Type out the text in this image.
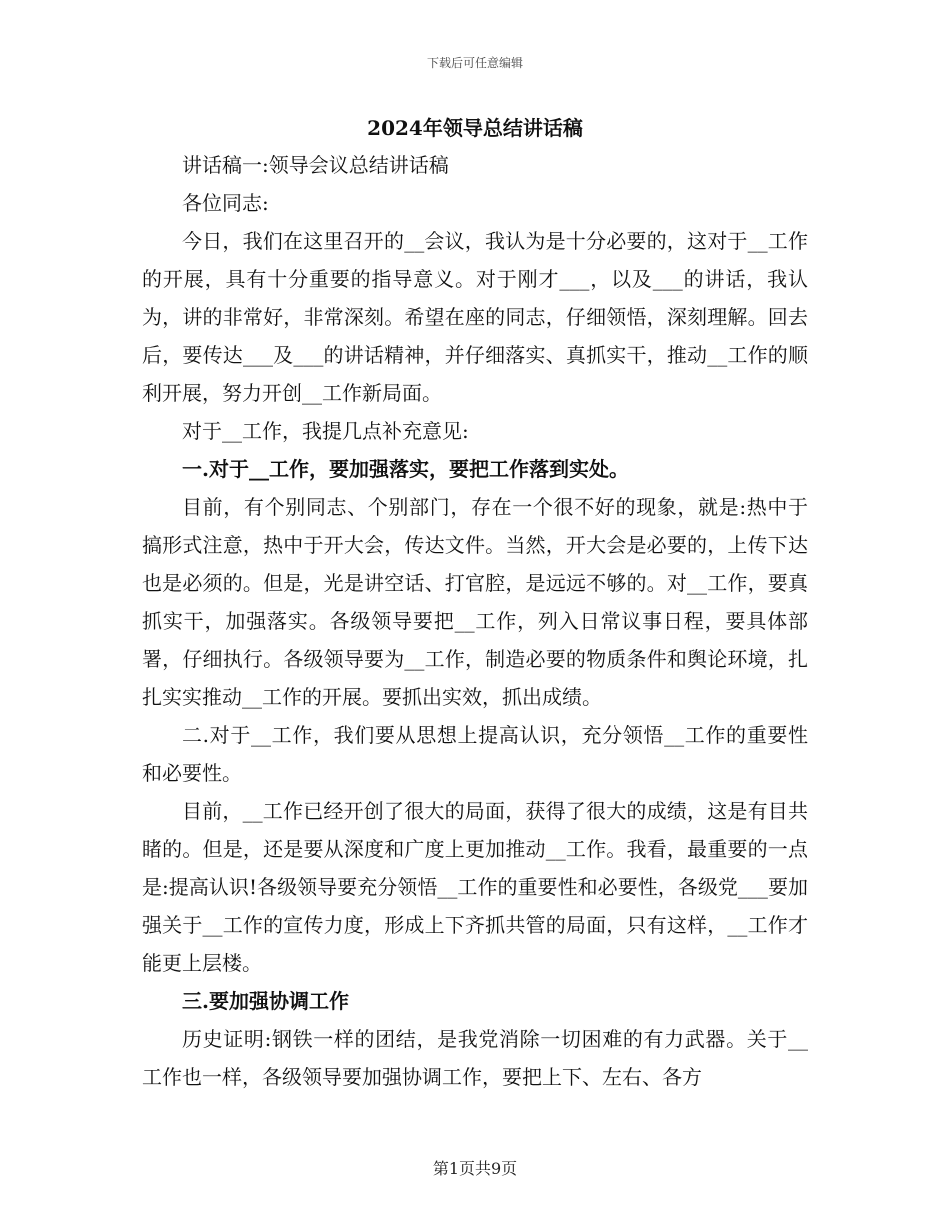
下载后可任意编辑
2024年领导总结讲话稿

讲话稿一:领导会议总结讲话稿

各位同志:

今日，我们在这里召开的__会议，我认为是十分必要的，这对于__工作的开展，具有十分重要的指导意义。对于刚才___，以及___的讲话，我认为，讲的非常好，非常深刻。希望在座的同志，仔细领悟，深刻理解。回去后，要传达___及___的讲话精神，并仔细落实、真抓实干，推动__工作的顺利开展，努力开创__工作新局面。

对于__工作，我提几点补充意见:

一.对于__工作，要加强落实，要把工作落到实处。

目前，有个别同志、个别部门，存在一个很不好的现象，就是:热中于搞形式注意，热中于开大会，传达文件。当然，开大会是必要的，上传下达也是必须的。但是，光是讲空话、打官腔，是远远不够的。对__工作，要真抓实干，加强落实。各级领导要把__工作，列入日常议事日程，要具体部署，仔细执行。各级领导要为__工作，制造必要的物质条件和舆论环境，扎扎实实推动__工作的开展。要抓出实效，抓出成绩。

二.对于__工作，我们要从思想上提高认识，充分领悟__工作的重要性和必要性。

目前，__工作已经开创了很大的局面，获得了很大的成绩，这是有目共睹的。但是，还是要从深度和广度上更加推动__工作。我看，最重要的一点是:提高认识!各级领导要充分领悟__工作的重要性和必要性，各级党___要加强关于__工作的宣传力度，形成上下齐抓共管的局面，只有这样，__工作才能更上层楼。

三.要加强协调工作

历史证明:钢铁一样的团结，是我党消除一切困难的有力武器。关于__工作也一样，各级领导要加强协调工作，要把上下、左右、各方

第1页共9页
